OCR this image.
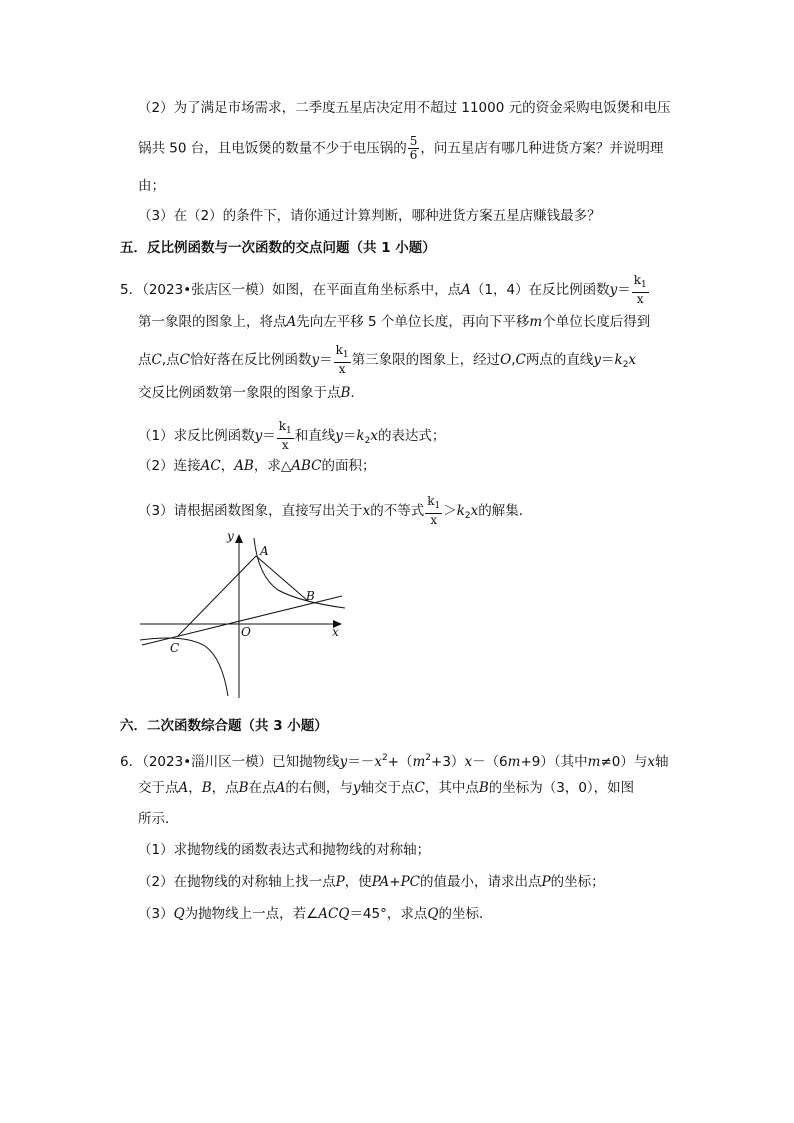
（2）为了满足市场需求，二季度五星店决定用不超过 11000 元的资金采购电饭煲和电压
锅共 50 台，且电饭煲的数量不少于电压锅的 $\frac{5}{6}$ ，问五星店有哪几种进货方案？并说明理
由；
（3）在（2）的条件下，请你通过计算判断，哪种进货方案五星店赚钱最多？
五．反比例函数与一次函数的交点问题（共 1 小题）
5．（2023•张店区一模）如图，在平面直角坐标系中，点A（1，4）在反比例函数$y= \frac{k_1}{x}$
第一象限的图象上，将点A先向左平移 5 个单位长度，再向下平移m个单位长度后得到
点C,点C恰好落在反比例函数$y= \frac{k_1}{x}$ 第三象限的图象上，经过O,C两点的直线$y=k_2x$
交反比例函数第一象限的图象于点B.
（1）求反比例函数$y= \frac{k_1}{x}$ 和直线$y=k_2x$的表达式；
（2）连接AC，AB，求△ABC的面积；
（3）请根据函数图象，直接写出关于x的不等式 $\frac{k_1}{x} >k_2x$的解集．
y
x
A
B
C
O
六．二次函数综合题（共 3 小题）
6．（2023•淄川区一模）已知抛物线$y=-x^2+(m^2+3)x-(6m+9)$（其中m≠0）与x轴
交于点A，B，点B在点A的右侧，与y轴交于点C，其中点B的坐标为（3，0），如图
所示．
（1）求抛物线的函数表达式和抛物线的对称轴；
（2）在抛物线的对称轴上找一点P，使PA+PC的值最小，请求出点P的坐标；
（3）Q为抛物线上一点，若∠ACQ＝45°，求点Q的坐标．
